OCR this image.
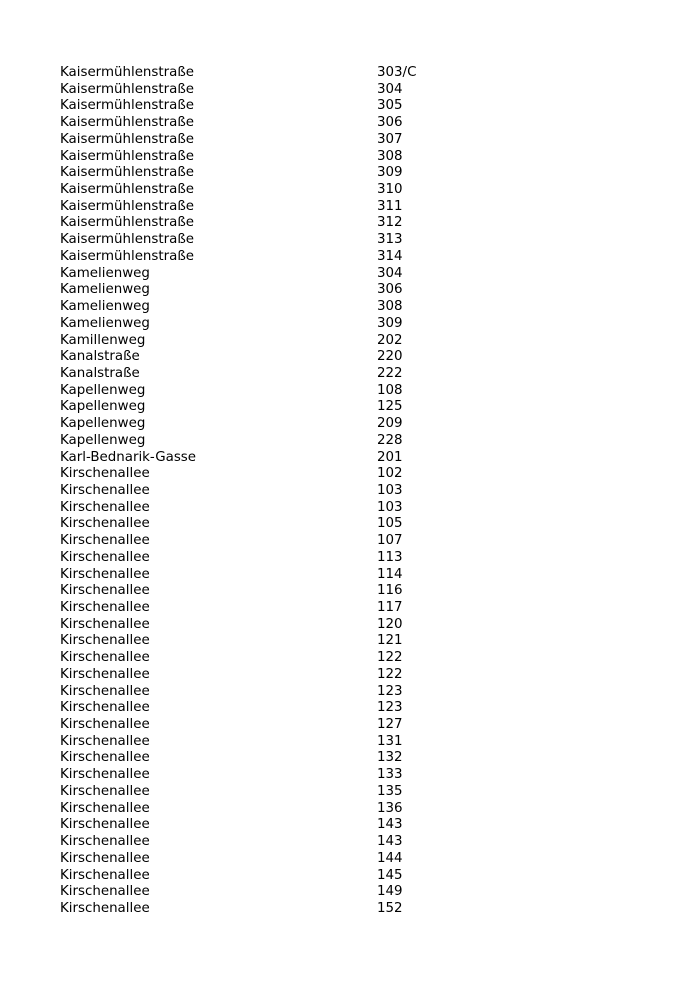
Kaisermühlenstraße	303/C
Kaisermühlenstraße	304
Kaisermühlenstraße	305
Kaisermühlenstraße	306
Kaisermühlenstraße	307
Kaisermühlenstraße	308
Kaisermühlenstraße	309
Kaisermühlenstraße	310
Kaisermühlenstraße	311
Kaisermühlenstraße	312
Kaisermühlenstraße	313
Kaisermühlenstraße	314
Kamelienweg	304
Kamelienweg	306
Kamelienweg	308
Kamelienweg	309
Kamillenweg	202
Kanalstraße	220
Kanalstraße	222
Kapellenweg	108
Kapellenweg	125
Kapellenweg	209
Kapellenweg	228
Karl-Bednarik-Gasse	201
Kirschenallee	102
Kirschenallee	103
Kirschenallee	103
Kirschenallee	105
Kirschenallee	107
Kirschenallee	113
Kirschenallee	114
Kirschenallee	116
Kirschenallee	117
Kirschenallee	120
Kirschenallee	121
Kirschenallee	122
Kirschenallee	122
Kirschenallee	123
Kirschenallee	123
Kirschenallee	127
Kirschenallee	131
Kirschenallee	132
Kirschenallee	133
Kirschenallee	135
Kirschenallee	136
Kirschenallee	143
Kirschenallee	143
Kirschenallee	144
Kirschenallee	145
Kirschenallee	149
Kirschenallee	152
